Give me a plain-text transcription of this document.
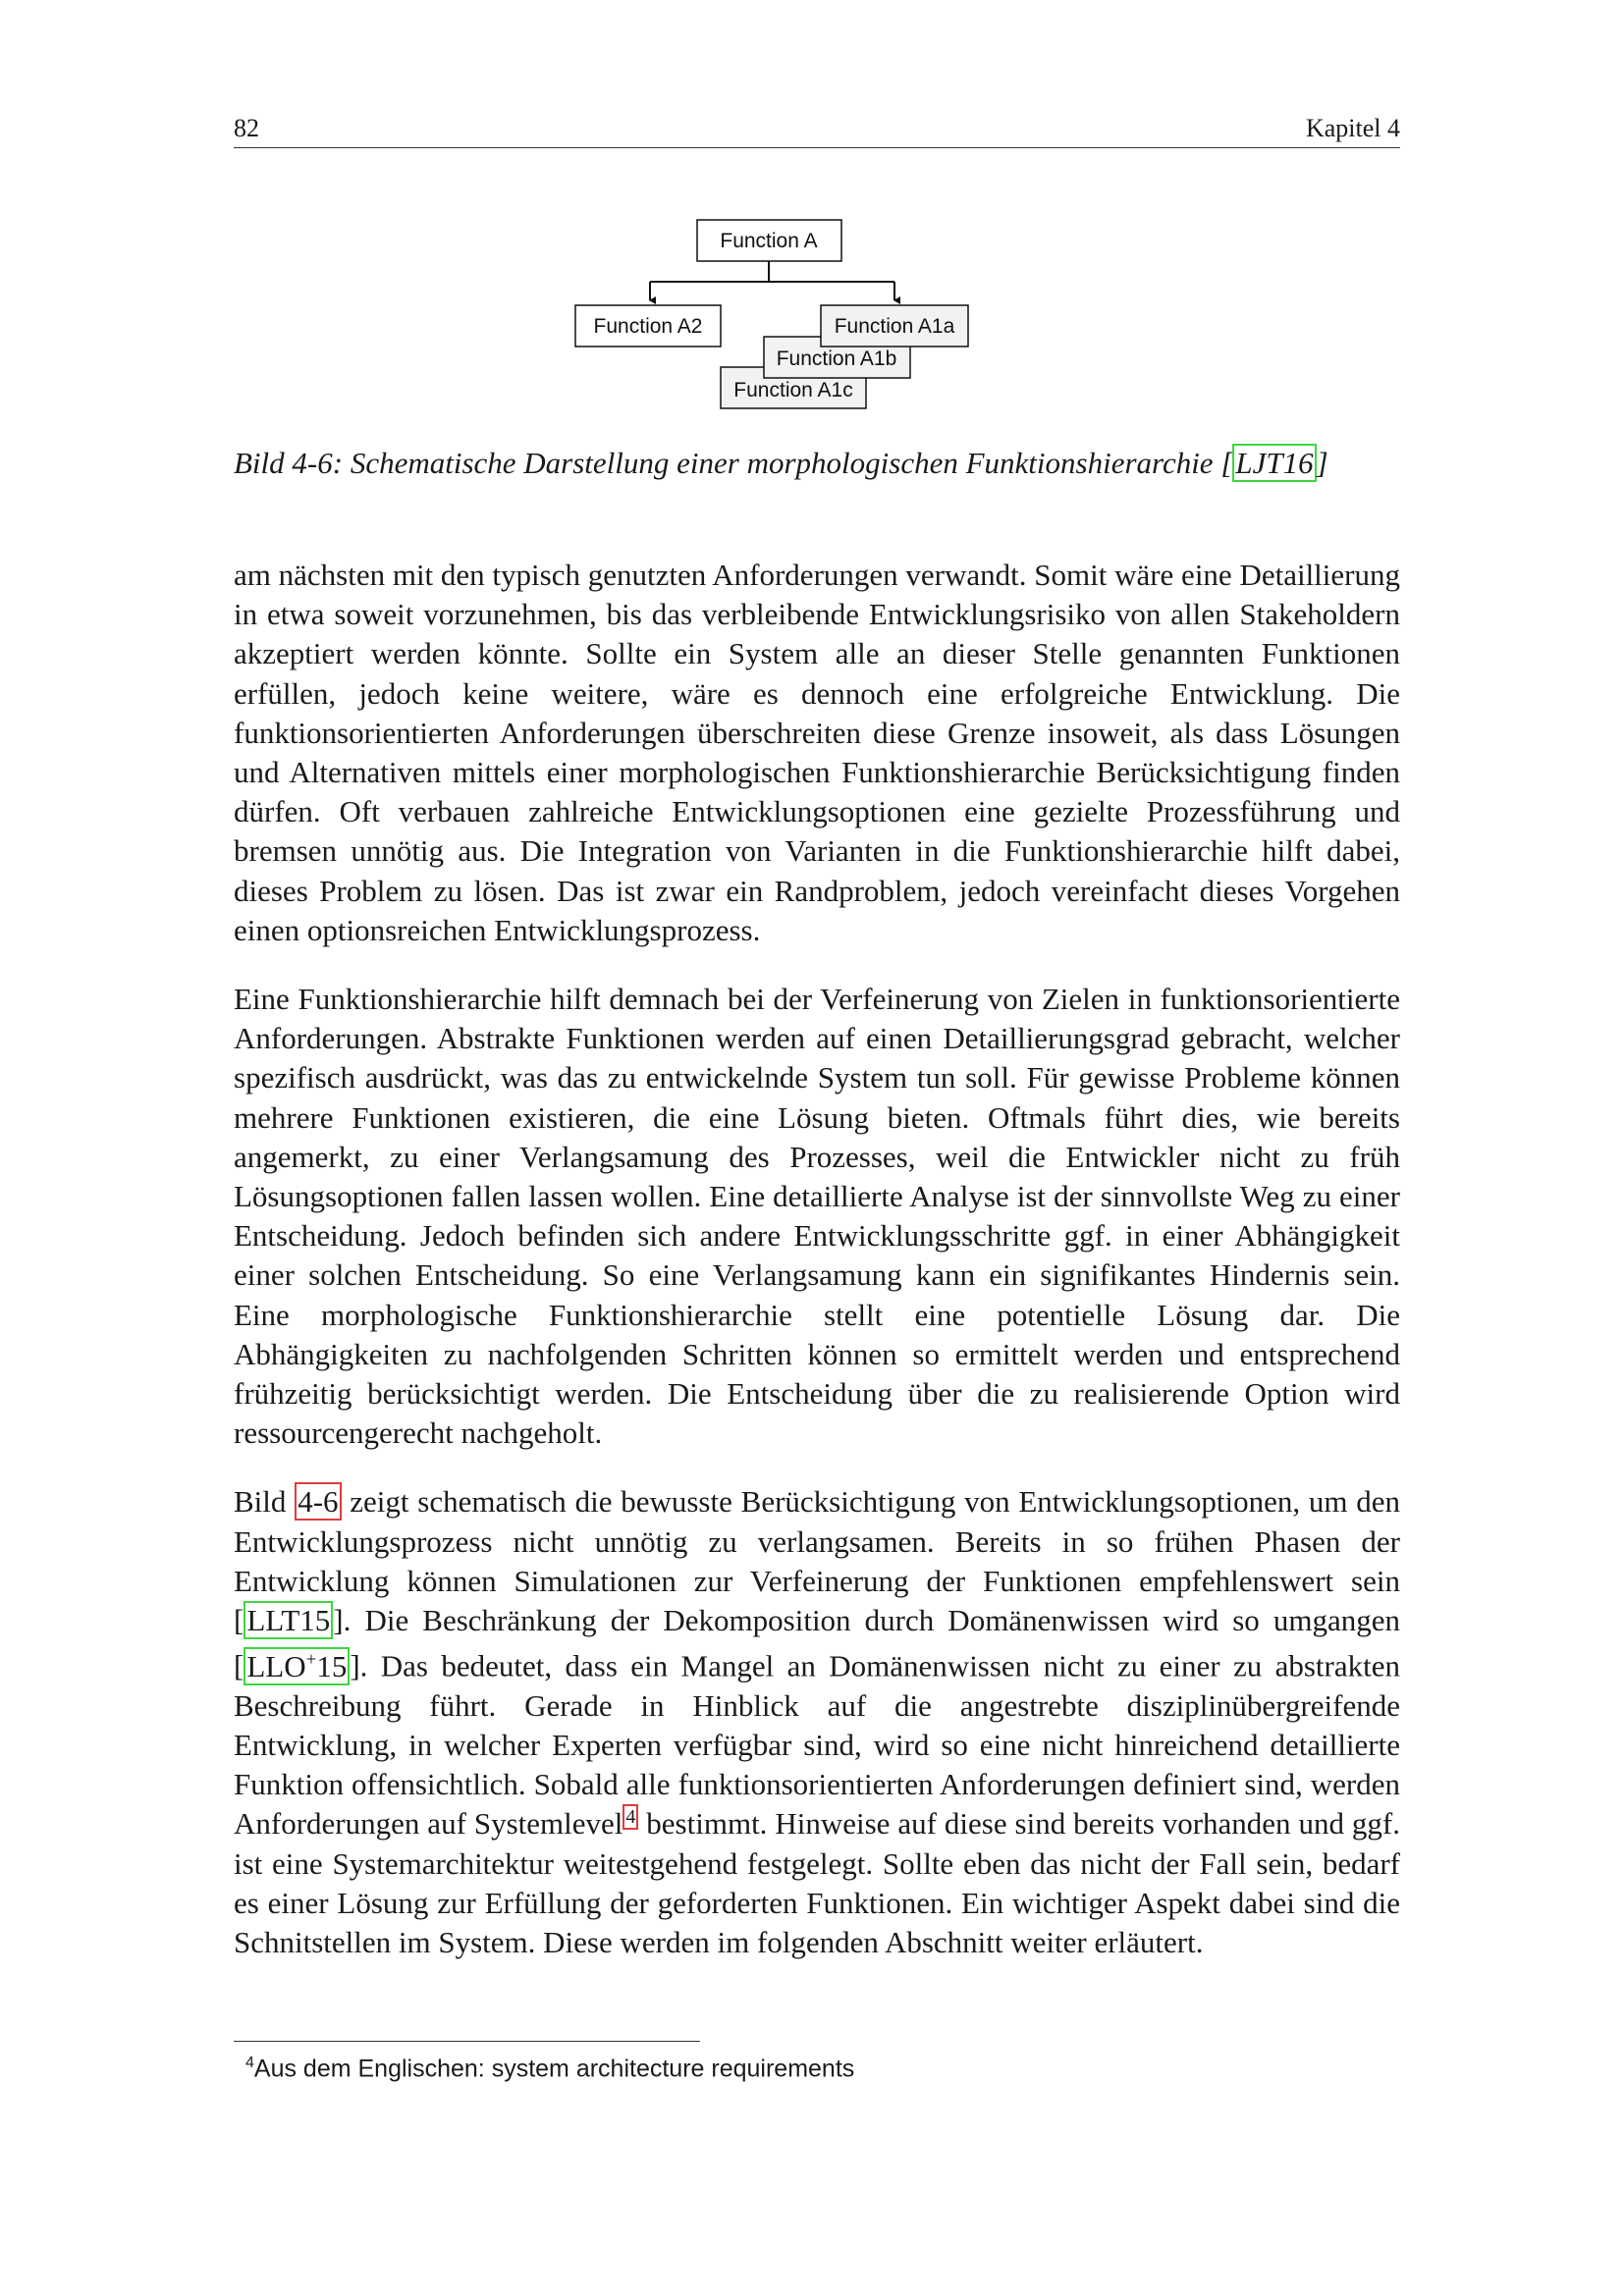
82	Kapitel 4
Function A
Function A2
Function A1c
Function A1b
Function A1a
Bild 4-6: Schematische Darstellung einer morphologischen Funktionshierarchie [LJT16]

am nächsten mit den typisch genutzten Anforderungen verwandt. Somit wäre eine Detaillierung in etwa soweit vorzunehmen, bis das verbleibende Entwicklungsrisiko von allen Stakeholdern akzeptiert werden könnte. Sollte ein System alle an dieser Stelle genannten Funktionen erfüllen, jedoch keine weitere, wäre es dennoch eine erfolgreiche Entwicklung. Die funktionsorientierten Anforderungen überschreiten diese Grenze insoweit, als dass Lösungen und Alternativen mittels einer morphologischen Funktionshierarchie Berücksichtigung finden dürfen. Oft verbauen zahlreiche Entwicklungsoptionen eine gezielte Prozessführung und bremsen unnötig aus. Die Integration von Varianten in die Funktionshierarchie hilft dabei, dieses Problem zu lösen. Das ist zwar ein Randproblem, jedoch vereinfacht dieses Vorgehen einen optionsreichen Entwicklungsprozess.

Eine Funktionshierarchie hilft demnach bei der Verfeinerung von Zielen in funktionsorientierte Anforderungen. Abstrakte Funktionen werden auf einen Detaillierungsgrad gebracht, welcher spezifisch ausdrückt, was das zu entwickelnde System tun soll. Für gewisse Probleme können mehrere Funktionen existieren, die eine Lösung bieten. Oftmals führt dies, wie bereits angemerkt, zu einer Verlangsamung des Prozesses, weil die Entwickler nicht zu früh Lösungsoptionen fallen lassen wollen. Eine detaillierte Analyse ist der sinnvollste Weg zu einer Entscheidung. Jedoch befinden sich andere Entwicklungsschritte ggf. in einer Abhängigkeit einer solchen Entscheidung. So eine Verlangsamung kann ein signifikantes Hindernis sein. Eine morphologische Funktionshierarchie stellt eine potentielle Lösung dar. Die Abhängigkeiten zu nachfolgenden Schritten können so ermittelt werden und entsprechend frühzeitig berücksichtigt werden. Die Entscheidung über die zu realisierende Option wird ressourcengerecht nachgeholt.

Bild 4-6 zeigt schematisch die bewusste Berücksichtigung von Entwicklungsoptionen, um den Entwicklungsprozess nicht unnötig zu verlangsamen. Bereits in so frühen Phasen der Entwicklung können Simulationen zur Verfeinerung der Funktionen empfehlenswert sein [LLT15]. Die Beschränkung der Dekomposition durch Domänenwissen wird so umgangen [LLO+15]. Das bedeutet, dass ein Mangel an Domänenwissen nicht zu einer zu abstrakten Beschreibung führt. Gerade in Hinblick auf die angestrebte disziplinübergreifende Entwicklung, in welcher Experten verfügbar sind, wird so eine nicht hinreichend detaillierte Funktion offensichtlich. Sobald alle funktionsorientierten Anforderungen definiert sind, werden Anforderungen auf Systemlevel $^4$ bestimmt. Hinweise auf diese sind bereits vorhanden und ggf. ist eine Systemarchitektur weitestgehend festgelegt. Sollte eben das nicht der Fall sein, bedarf es einer Lösung zur Erfüllung der geforderten Funktionen. Ein wichtiger Aspekt dabei sind die Schnitstellen im System. Diese werden im folgenden Abschnitt weiter erläutert.

$^4$Aus dem Englischen: system architecture requirements
